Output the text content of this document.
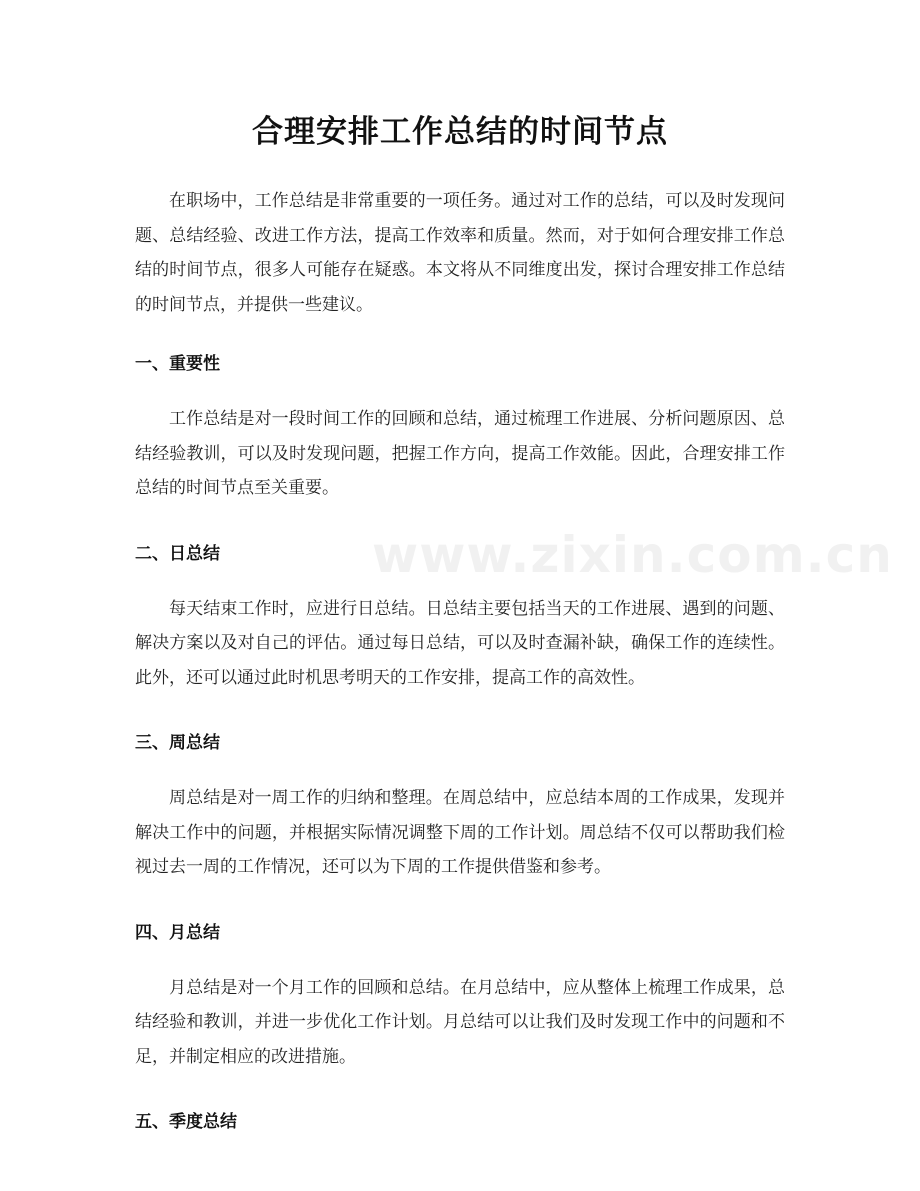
合理安排工作总结的时间节点

在职场中，工作总结是非常重要的一项任务。通过对工作的总结，可以及时发现问题、总结经验、改进工作方法，提高工作效率和质量。然而，对于如何合理安排工作总结的时间节点，很多人可能存在疑惑。本文将从不同维度出发，探讨合理安排工作总结的时间节点，并提供一些建议。

一、重要性

工作总结是对一段时间工作的回顾和总结，通过梳理工作进展、分析问题原因、总结经验教训，可以及时发现问题，把握工作方向，提高工作效能。因此，合理安排工作总结的时间节点至关重要。

二、日总结

每天结束工作时，应进行日总结。日总结主要包括当天的工作进展、遇到的问题、解决方案以及对自己的评估。通过每日总结，可以及时查漏补缺，确保工作的连续性。此外，还可以通过此时机思考明天的工作安排，提高工作的高效性。

三、周总结

周总结是对一周工作的归纳和整理。在周总结中，应总结本周的工作成果，发现并解决工作中的问题，并根据实际情况调整下周的工作计划。周总结不仅可以帮助我们检视过去一周的工作情况，还可以为下周的工作提供借鉴和参考。

四、月总结

月总结是对一个月工作的回顾和总结。在月总结中，应从整体上梳理工作成果，总结经验和教训，并进一步优化工作计划。月总结可以让我们及时发现工作中的问题和不足，并制定相应的改进措施。

五、季度总结
www.zixin.com.cn
